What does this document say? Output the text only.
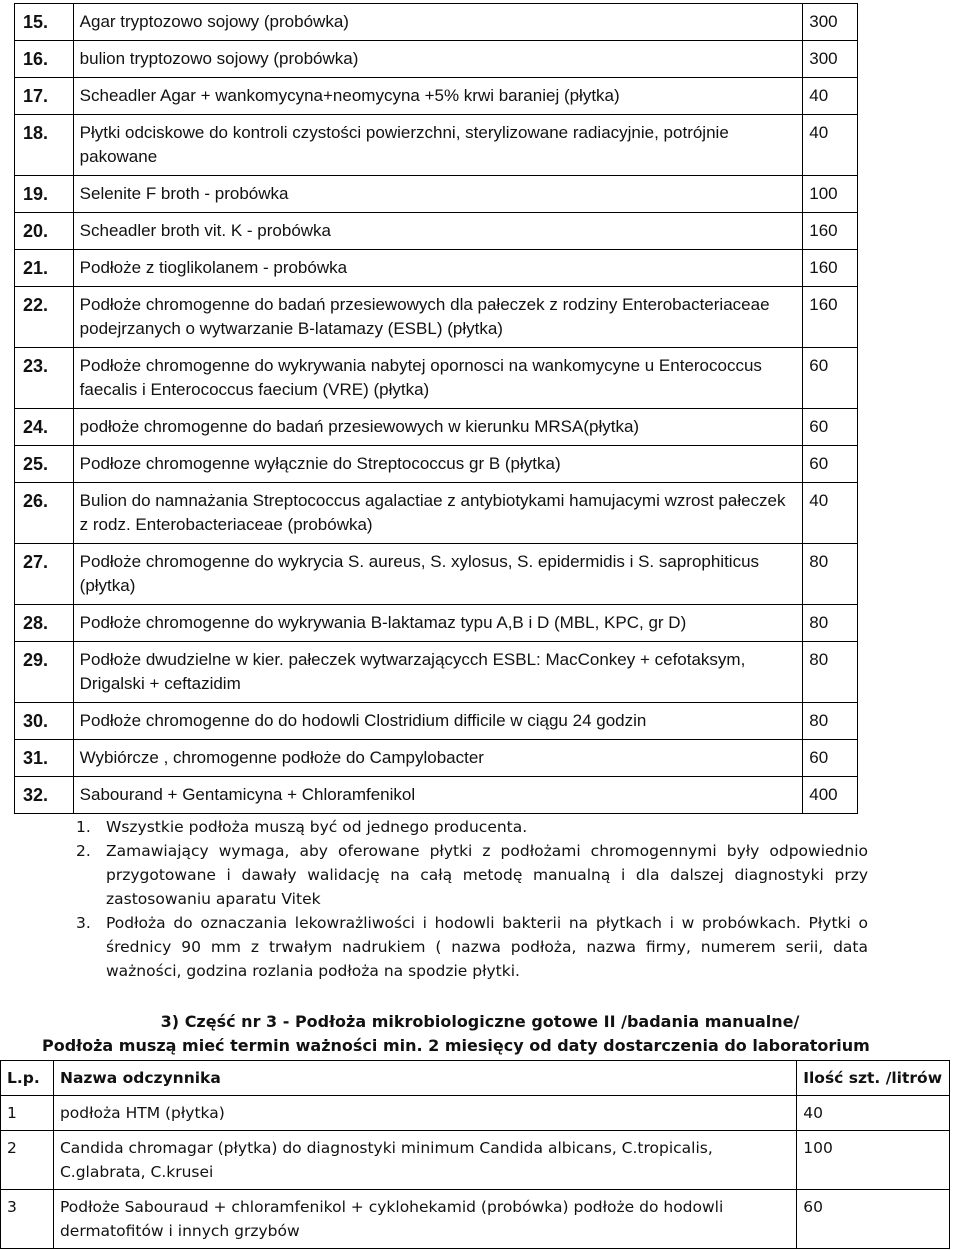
15.	Agar tryptozowo sojowy (probówka)	300
16.	bulion tryptozowo sojowy (probówka)	300
17.	Scheadler Agar + wankomycyna+neomycyna +5% krwi baraniej (płytka)	40
18.	Płytki odciskowe do kontroli czystości powierzchni, sterylizowane radiacyjnie, potrójnie pakowane	40
19.	Selenite F broth - probówka	100
20.	Scheadler broth vit. K - probówka	160
21.	Podłoże z tioglikolanem - probówka	160
22.	Podłoże chromogenne do badań przesiewowych dla pałeczek z rodziny Enterobacteriaceae podejrzanych o wytwarzanie B-latamazy (ESBL) (płytka)	160
23.	Podłoże chromogenne do wykrywania nabytej opornosci na wankomycyne u Enterococcus faecalis i Enterococcus faecium (VRE) (płytka)	60
24.	podłoże chromogenne do badań przesiewowych w kierunku MRSA(płytka)	60
25.	Podłoze chromogenne wyłącznie do Streptococcus gr B (płytka)	60
26.	Bulion do namnażania Streptococcus agalactiae z antybiotykami hamujacymi wzrost pałeczek z rodz. Enterobacteriaceae (probówka)	40
27.	Podłoże chromogenne do wykrycia S. aureus, S. xylosus, S. epidermidis i S. saprophiticus (płytka)	80
28.	Podłoże chromogenne do wykrywania B-laktamaz typu A,B i D (MBL, KPC, gr D)	80
29.	Podłoże dwudzielne w kier. pałeczek wytwarzającycch ESBL: MacConkey + cefotaksym, Drigalski + ceftazidim	80
30.	Podłoże chromogenne do do hodowli Clostridium difficile w ciągu 24 godzin	80
31.	Wybiórcze , chromogenne podłoże do Campylobacter	60
32.	Sabourand + Gentamicyna + Chloramfenikol	400
1. Wszystkie podłoża muszą być od jednego producenta.
2. Zamawiający wymaga, aby oferowane płytki z podłożami chromogennymi były odpowiednio przygotowane i dawały walidację na całą metodę manualną i dla dalszej diagnostyki przy zastosowaniu aparatu Vitek
3. Podłoża do oznaczania lekowrażliwości i hodowli bakterii na płytkach i w probówkach. Płytki o średnicy 90 mm z trwałym nadrukiem ( nazwa podłoża, nazwa firmy, numerem serii, data ważności, godzina rozlania podłoża na spodzie płytki.
3) Część nr 3 - Podłoża mikrobiologiczne gotowe II /badania manualne/
Podłoża muszą mieć termin ważności min. 2 miesięcy od daty dostarczenia do laboratorium
L.p.	Nazwa odczynnika	Ilość szt. /litrów
1	podłoża HTM (płytka)	40
2	Candida chromagar (płytka) do diagnostyki minimum Candida albicans, C.tropicalis, C.glabrata, C.krusei	100
3	Podłoże Sabouraud + chloramfenikol + cyklohekamid (probówka) podłoże do hodowli dermatofitów i innych grzybów	60
